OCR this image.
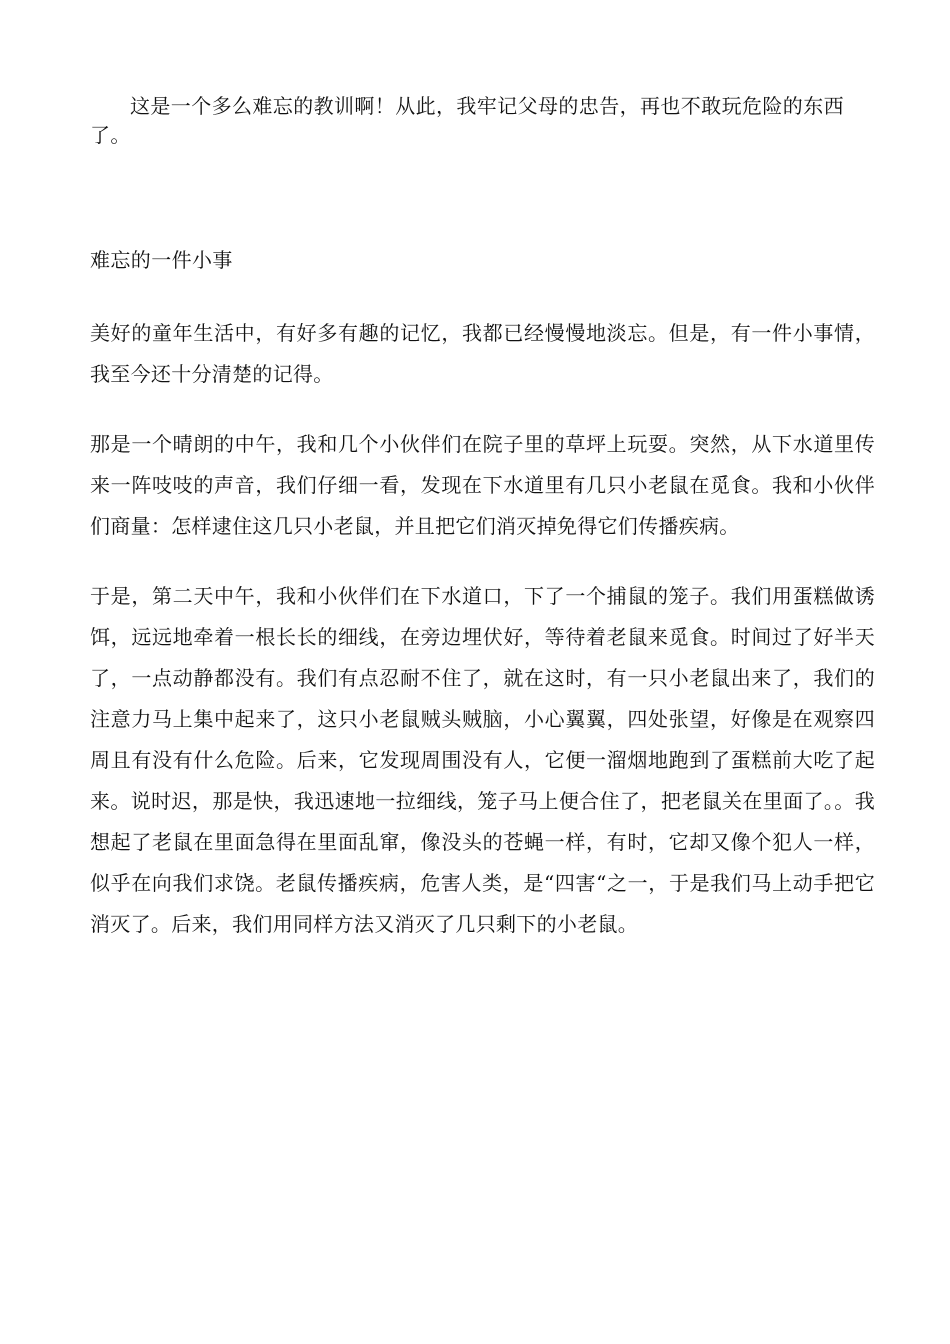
这是一个多么难忘的教训啊！从此，我牢记父母的忠告，再也不敢玩危险的东西了。

难忘的一件小事

美好的童年生活中，有好多有趣的记忆，我都已经慢慢地淡忘。但是，有一件小事情，我至今还十分清楚的记得。

那是一个晴朗的中午，我和几个小伙伴们在院子里的草坪上玩耍。突然，从下水道里传来一阵吱吱的声音，我们仔细一看，发现在下水道里有几只小老鼠在觅食。我和小伙伴们商量：怎样逮住这几只小老鼠，并且把它们消灭掉免得它们传播疾病。

于是，第二天中午，我和小伙伴们在下水道口，下了一个捕鼠的笼子。我们用蛋糕做诱饵，远远地牵着一根长长的细线，在旁边埋伏好，等待着老鼠来觅食。时间过了好半天了，一点动静都没有。我们有点忍耐不住了，就在这时，有一只小老鼠出来了，我们的注意力马上集中起来了，这只小老鼠贼头贼脑，小心翼翼，四处张望，好像是在观察四周且有没有什么危险。后来，它发现周围没有人，它便一溜烟地跑到了蛋糕前大吃了起来。说时迟，那是快，我迅速地一拉细线，笼子马上便合住了，把老鼠关在里面了。。我想起了老鼠在里面急得在里面乱窜，像没头的苍蝇一样，有时，它却又像个犯人一样，似乎在向我们求饶。老鼠传播疾病，危害人类，是“四害“之一，于是我们马上动手把它消灭了。后来，我们用同样方法又消灭了几只剩下的小老鼠。
